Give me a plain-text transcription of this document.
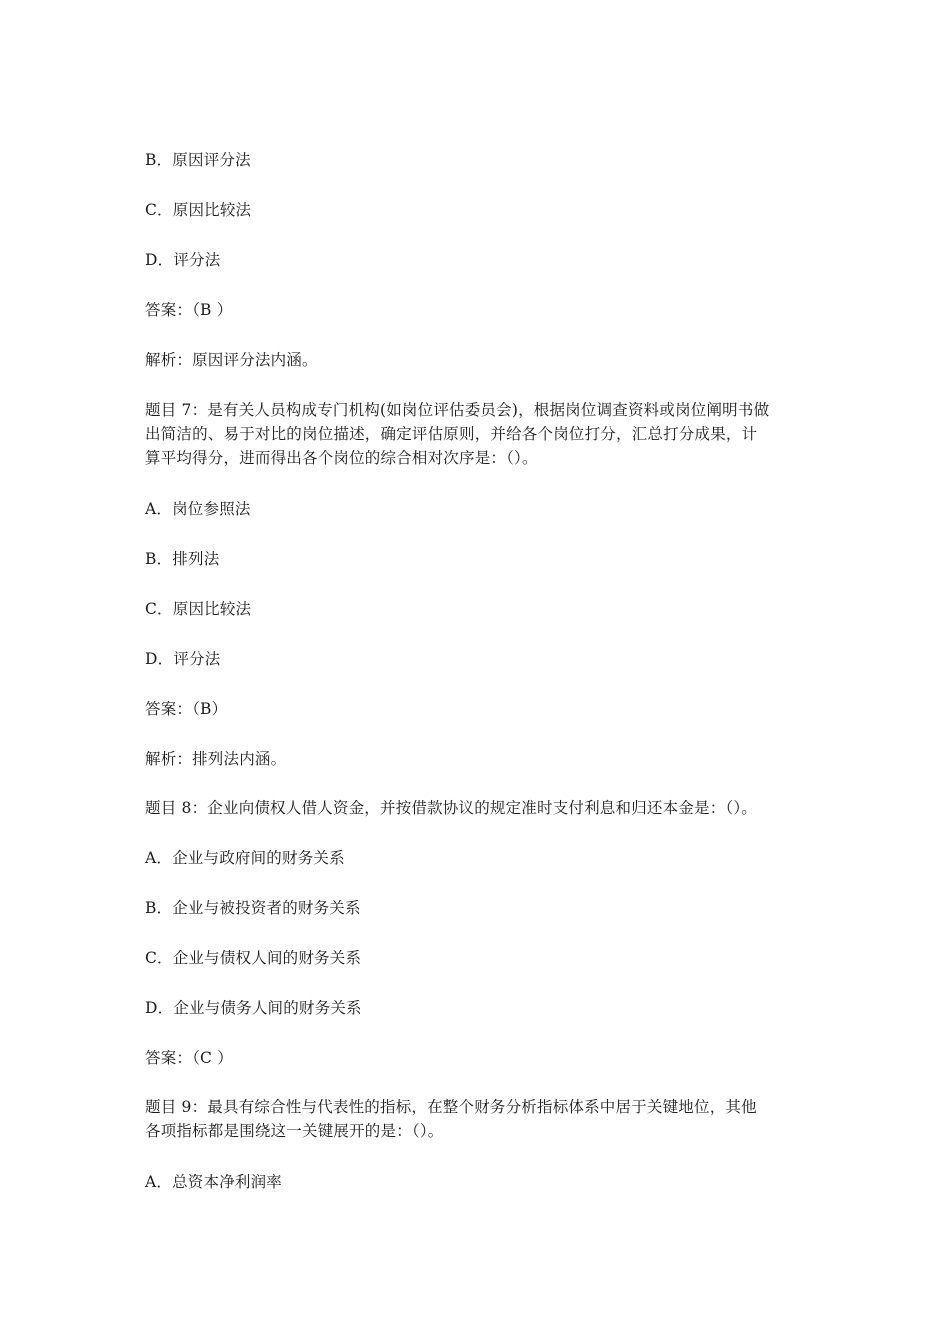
B．原因评分法
C．原因比较法
D．评分法
答案：（B ）
解析：原因评分法内涵。
题目 7：是有关人员构成专门机构(如岗位评估委员会)，根据岗位调查资料或岗位阐明书做
出简洁的、易于对比的岗位描述，确定评估原则，并给各个岗位打分，汇总打分成果，计
算平均得分，进而得出各个岗位的综合相对次序是：（）。
A．岗位参照法
B．排列法
C．原因比较法
D．评分法
答案：（B）
解析：排列法内涵。
题目 8：企业向债权人借人资金，并按借款协议的规定准时支付利息和归还本金是：（）。
A．企业与政府间的财务关系
B．企业与被投资者的财务关系
C．企业与债权人间的财务关系
D．企业与债务人间的财务关系
答案：（C ）
题目 9：最具有综合性与代表性的指标，在整个财务分析指标体系中居于关键地位，其他
各项指标都是围绕这一关键展开的是：（）。
A．总资本净利润率
